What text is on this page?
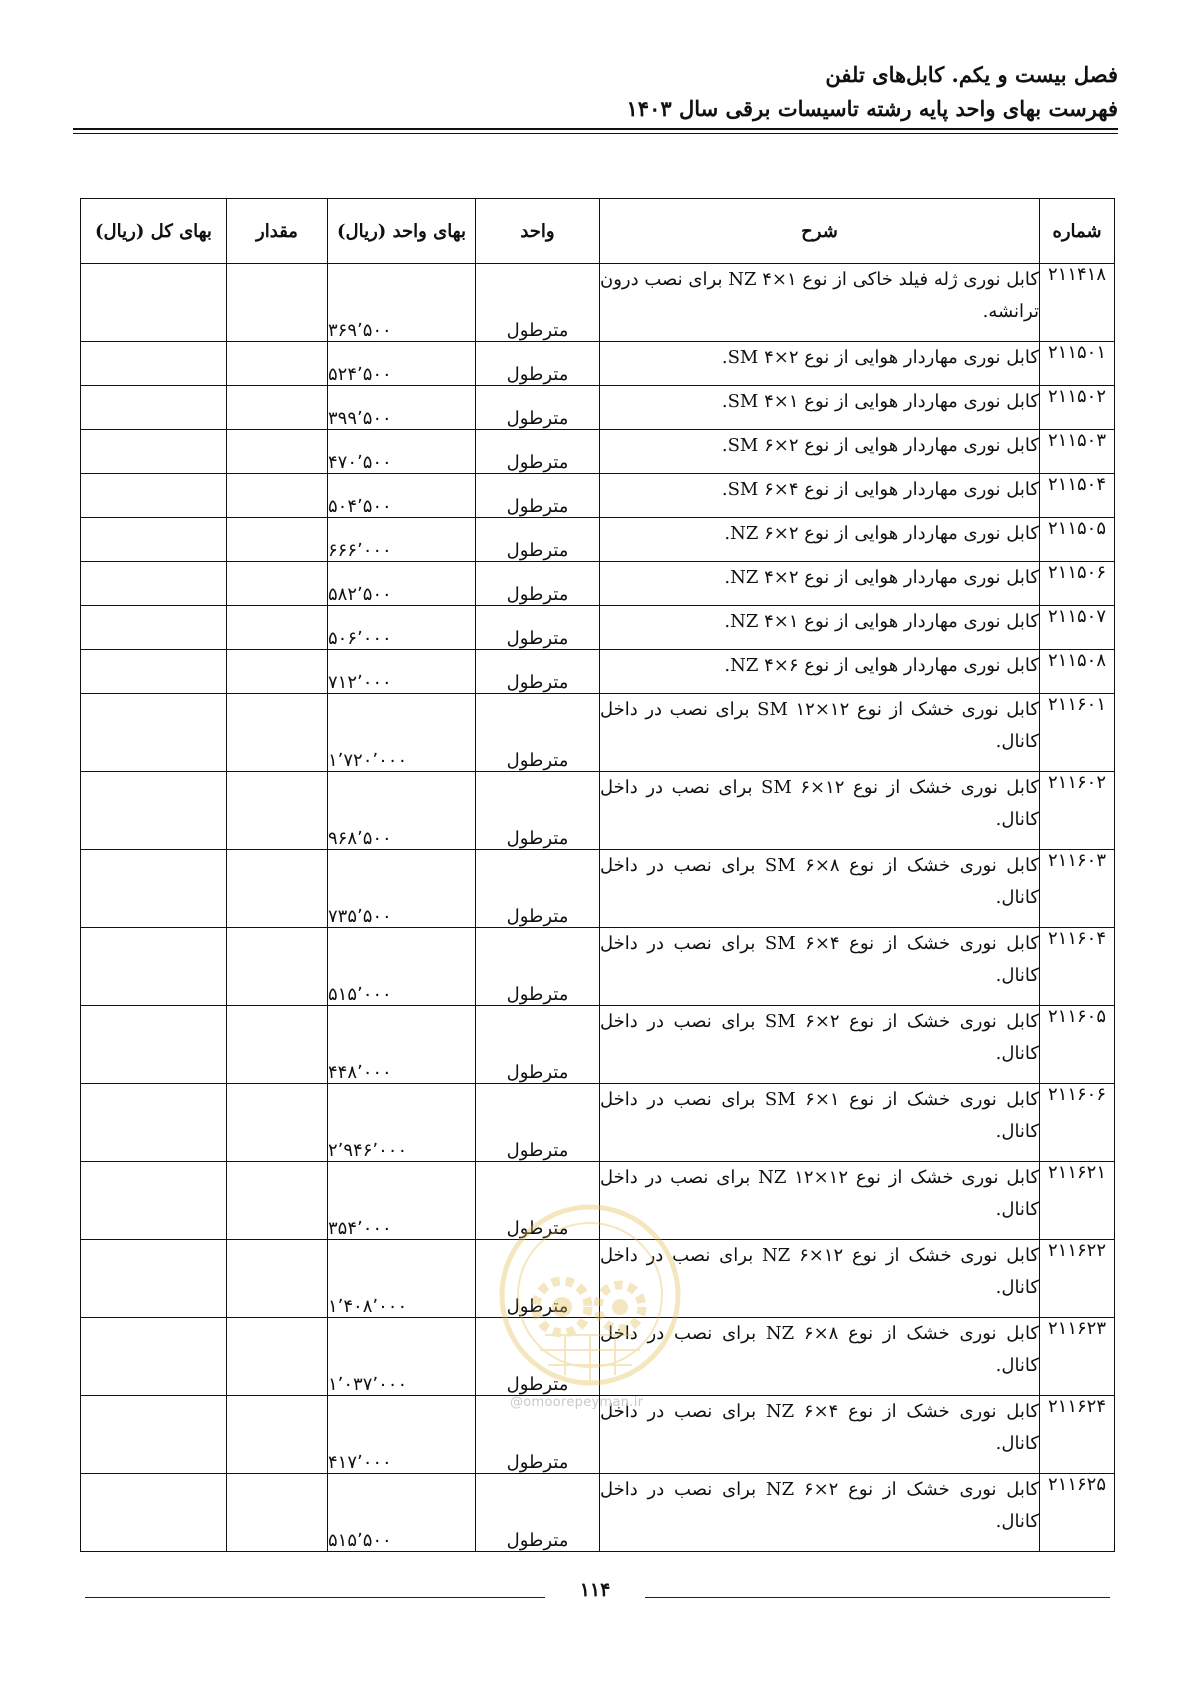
فصل بیست و یکم. کابل‌های تلفن
فهرست بهای واحد پایه رشته تاسیسات برقی سال ۱۴۰۳
شماره	شرح	واحد	بهای واحد (ریال)	مقدار	بهای کل (ریال)
۲۱۱۴۱۸	کابل نوری ژله فیلد خاکی از نوع NZ ۴×۱ برای نصب درون ترانشه.	مترطول	۳۶۹٬۵۰۰		
۲۱۱۵۰۱	کابل نوری مهاردار هوایی از نوع SM ۴×۲.	مترطول	۵۲۴٬۵۰۰		
۲۱۱۵۰۲	کابل نوری مهاردار هوایی از نوع SM ۴×۱.	مترطول	۳۹۹٬۵۰۰		
۲۱۱۵۰۳	کابل نوری مهاردار هوایی از نوع SM ۶×۲.	مترطول	۴۷۰٬۵۰۰		
۲۱۱۵۰۴	کابل نوری مهاردار هوایی از نوع SM ۶×۴.	مترطول	۵۰۴٬۵۰۰		
۲۱۱۵۰۵	کابل نوری مهاردار هوایی از نوع NZ ۶×۲.	مترطول	۶۶۶٬۰۰۰		
۲۱۱۵۰۶	کابل نوری مهاردار هوایی از نوع NZ ۴×۲.	مترطول	۵۸۲٬۵۰۰		
۲۱۱۵۰۷	کابل نوری مهاردار هوایی از نوع NZ ۴×۱.	مترطول	۵۰۶٬۰۰۰		
۲۱۱۵۰۸	کابل نوری مهاردار هوایی از نوع NZ ۴×۶.	مترطول	۷۱۲٬۰۰۰		
۲۱۱۶۰۱	کابل نوری خشک از نوع SM ۱۲×۱۲ برای نصب در داخل کانال.	مترطول	۱٬۷۲۰٬۰۰۰		
۲۱۱۶۰۲	کابل نوری خشک از نوع SM ۶×۱۲ برای نصب در داخل کانال.	مترطول	۹۶۸٬۵۰۰		
۲۱۱۶۰۳	کابل نوری خشک از نوع SM ۶×۸ برای نصب در داخل کانال.	مترطول	۷۳۵٬۵۰۰		
۲۱۱۶۰۴	کابل نوری خشک از نوع SM ۶×۴ برای نصب در داخل کانال.	مترطول	۵۱۵٬۰۰۰		
۲۱۱۶۰۵	کابل نوری خشک از نوع SM ۶×۲ برای نصب در داخل کانال.	مترطول	۴۴۸٬۰۰۰		
۲۱۱۶۰۶	کابل نوری خشک از نوع SM ۶×۱ برای نصب در داخل کانال.	مترطول	۲٬۹۴۶٬۰۰۰		
۲۱۱۶۲۱	کابل نوری خشک از نوع NZ ۱۲×۱۲ برای نصب در داخل کانال.	مترطول	۳۵۴٬۰۰۰		
۲۱۱۶۲۲	کابل نوری خشک از نوع NZ ۶×۱۲ برای نصب در داخل کانال.	مترطول	۱٬۴۰۸٬۰۰۰		
۲۱۱۶۲۳	کابل نوری خشک از نوع NZ ۶×۸ برای نصب در داخل کانال.	مترطول	۱٬۰۳۷٬۰۰۰		
۲۱۱۶۲۴	کابل نوری خشک از نوع NZ ۶×۴ برای نصب در داخل کانال.	مترطول	۴۱۷٬۰۰۰		
۲۱۱۶۲۵	کابل نوری خشک از نوع NZ ۶×۲ برای نصب در داخل کانال.	مترطول	۵۱۵٬۵۰۰		
@omoorepeyman.ir
۱۱۴
